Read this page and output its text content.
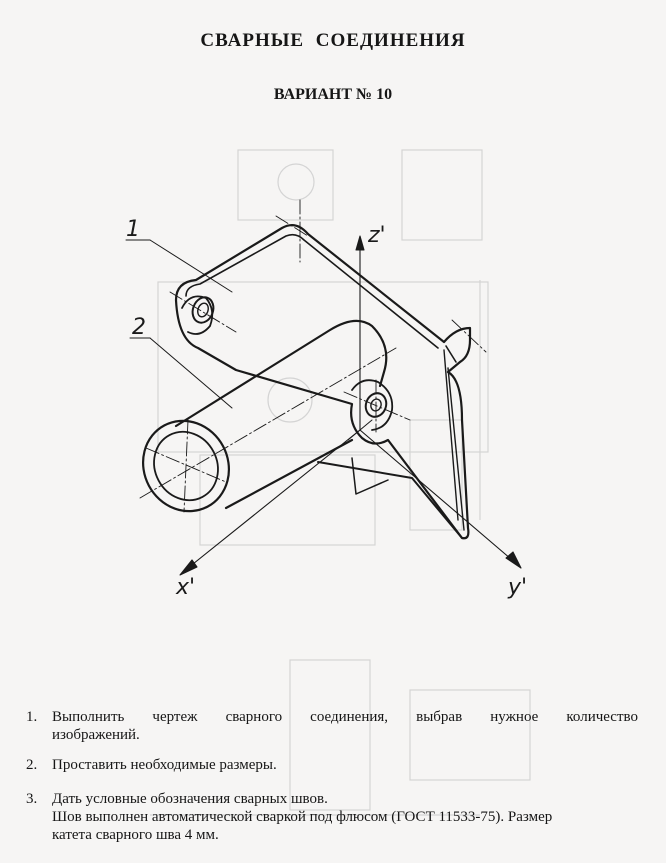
СВАРНЫЕ СОЕДИНЕНИЯ
ВАРИАНТ № 10
1
2
z'
x'	y'
1. Выполнить чертеж сварного соединения, выбрав нужное количество
изображений.
2. Проставить необходимые размеры.
3. Дать условные обозначения сварных швов.
Шов выполнен автоматической сваркой под флюсом (ГОСТ 11533-75). Размер
катета сварного шва 4 мм.
